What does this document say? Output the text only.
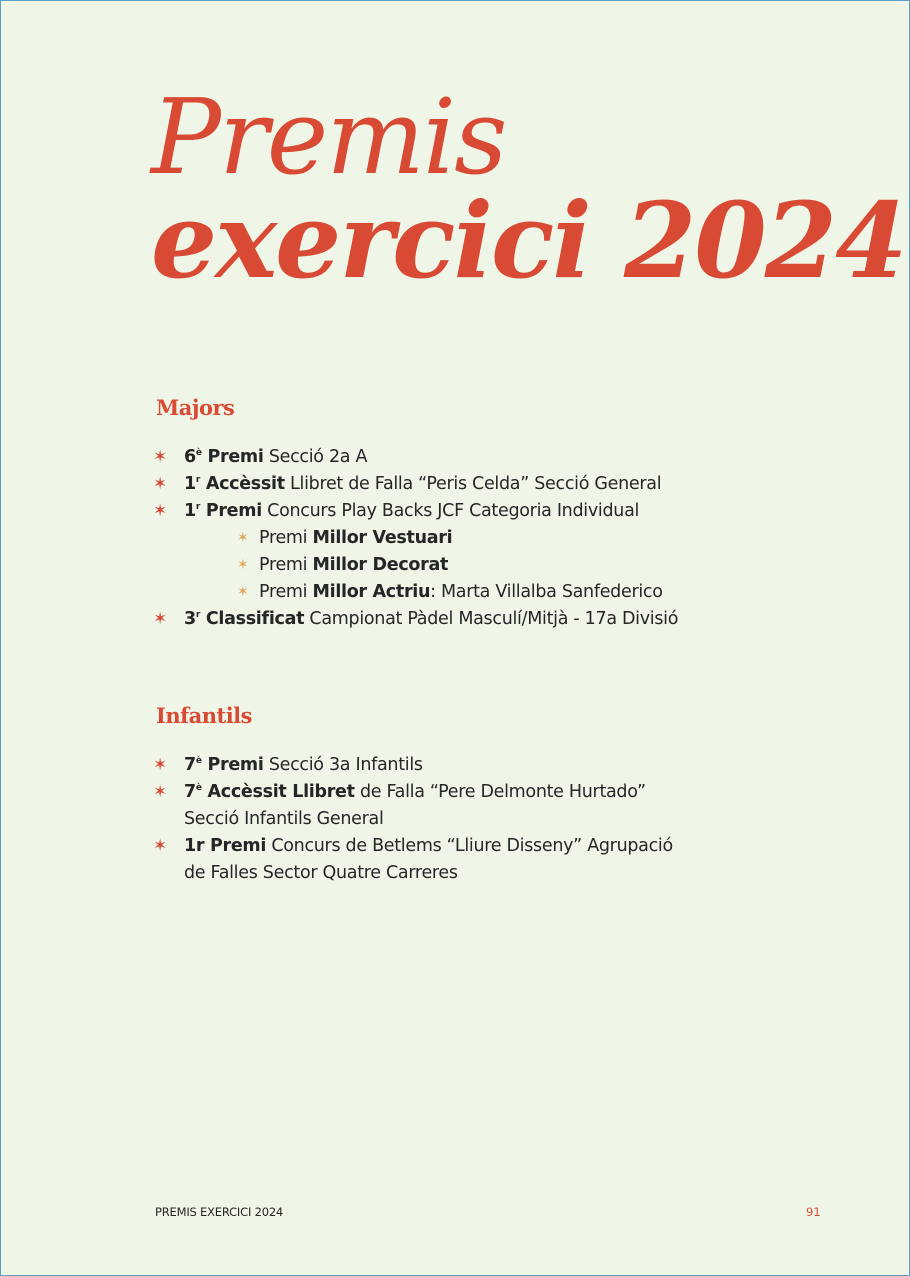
Premis
exercici 2024
Majors
✶ $6^è$ Premi Secció 2a A
✶ 1$^r$ Accèssit Llibret de Falla “Peris Celda” Secció General
✶ 1$^r$ Premi Concurs Play Backs JCF Categoria Individual
✶ Premi Millor Vestuari
✶ Premi Millor Decorat
✶ Premi Millor Actriu: Marta Villalba Sanfederico
✶ 3$^r$ Classificat Campionat Pàdel Masculí/Mitjà - 17a Divisió
Infantils
✶ $7^è$ Premi Secció 3a Infantils
✶ $7^è$ Accèssit Llibret de Falla “Pere Delmonte Hurtado”
Secció Infantils General
✶ 1r Premi Concurs de Betlems “Lliure Disseny” Agrupació
de Falles Sector Quatre Carreres
PREMIS EXERCICI 2024	91
